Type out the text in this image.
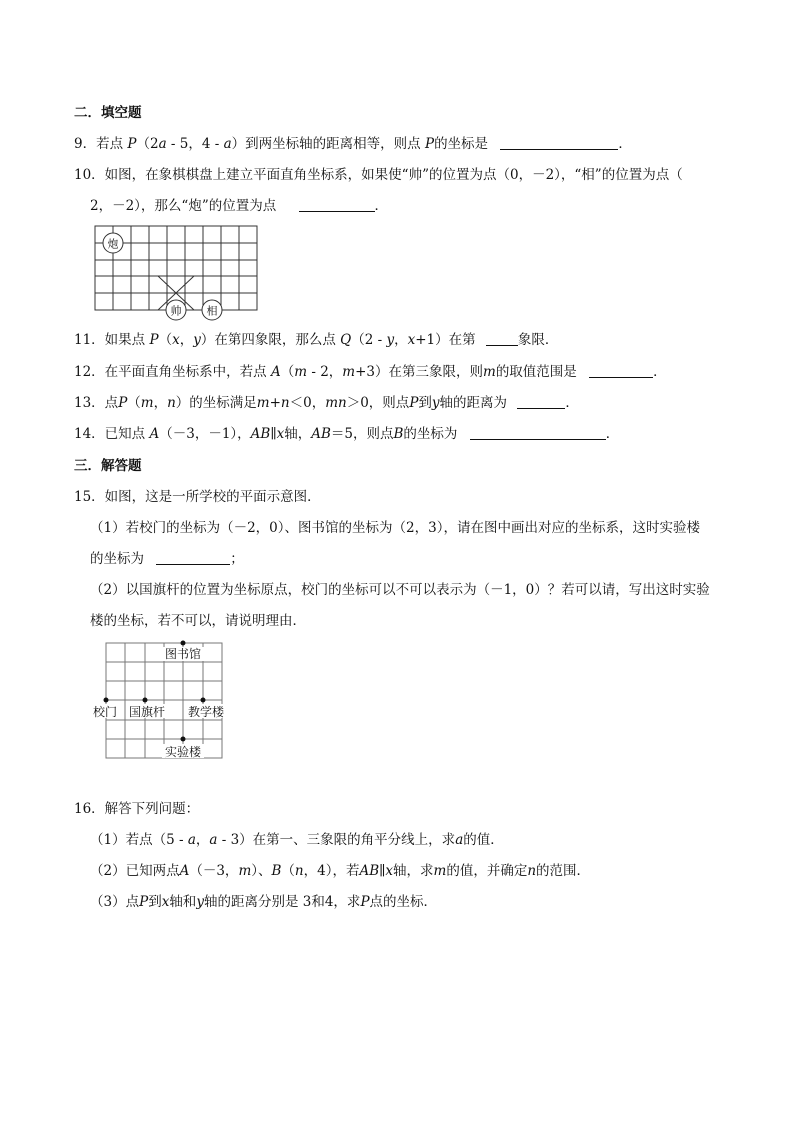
二．填空题
9．若点 P（2a - 5，4 - a）到两坐标轴的距离相等，则点 P的坐标是	．
10．如图，在象棋棋盘上建立平面直角坐标系，如果使“帅”的位置为点（0，－2），“相”的位置为点（
2，－2），那么“炮”的位置为点	．
炮
帅 相
11．如果点 P（x，y）在第四象限，那么点 Q（2 - y，x+1）在第	象限．
12．在平面直角坐标系中，若点 A（m - 2，m+3）在第三象限，则m的取值范围是	．
13．点P（m，n）的坐标满足m+n＜0，mn＞0，则点P到y轴的距离为	．
14．已知点 A（－3，－1），AB∥x轴，AB＝5，则点B的坐标为	．
三．解答题
15．如图，这是一所学校的平面示意图．
（1）若校门的坐标为（－2，0）、图书馆的坐标为（2，3），请在图中画出对应的坐标系，这时实验楼
的坐标为	；
（2）以国旗杆的位置为坐标原点，校门的坐标可以不可以表示为（－1，0）？若可以请，写出这时实验
楼的坐标，若不可以，请说明理由．
图书馆
校门 国旗杆 教学楼
实验楼
16．解答下列问题：
（1）若点（5 - a，a - 3）在第一、三象限的角平分线上，求a的值．
（2）已知两点A（－3，m）、B（n，4），若AB∥x轴，求m的值，并确定n的范围．
（3）点P到x轴和y轴的距离分别是 3和4，求P点的坐标．
